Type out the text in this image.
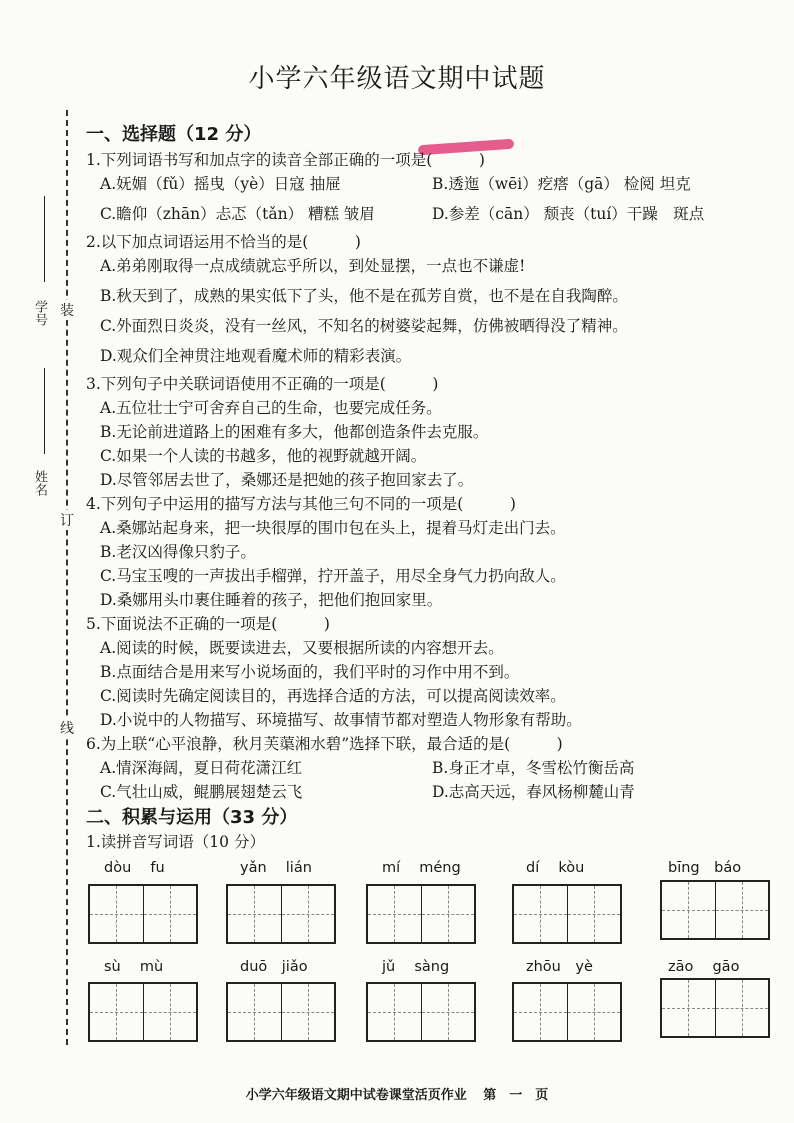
小学六年级语文期中试题
学号
姓名
装
订
线
一、选择题（12 分）
1.下列词语书写和加点字的读音全部正确的一项是(　　　)
A.妩媚（fǔ）摇曳（yè）日寇 抽屉	B.透迤（wēi）疙瘩（gā） 检阅 坦克
C.瞻仰（zhān）忐忑（tǎn） 糟糕 皱眉	D.参差（cān） 颓丧（tuí）干躁　斑点
2.以下加点词语运用不恰当的是(　　　)
A.弟弟刚取得一点成绩就忘乎所以，到处显摆，一点也不谦虚!
B.秋天到了，成熟的果实低下了头，他不是在孤芳自赏，也不是在自我陶醉。
C.外面烈日炎炎，没有一丝风，不知名的树婆娑起舞，仿佛被晒得没了精神。
D.观众们全神贯注地观看魔术师的精彩表演。
3.下列句子中关联词语使用不正确的一项是(　　　)
A.五位壮士宁可舍弃自己的生命，也要完成任务。
B.无论前进道路上的困难有多大，他都创造条件去克服。
C.如果一个人读的书越多，他的视野就越开阔。
D.尽管邻居去世了，桑娜还是把她的孩子抱回家去了。
4.下列句子中运用的描写方法与其他三句不同的一项是(　　　)
A.桑娜站起身来，把一块很厚的围巾包在头上，提着马灯走出门去。
B.老汉凶得像只豹子。
C.马宝玉嗖的一声拔出手榴弹，拧开盖子，用尽全身气力扔向敌人。
D.桑娜用头巾裹住睡着的孩子，把他们抱回家里。
5.下面说法不正确的一项是(　　　)
A.阅读的时候，既要读进去，又要根据所读的内容想开去。
B.点面结合是用来写小说场面的，我们平时的习作中用不到。
C.阅读时先确定阅读目的，再选择合适的方法，可以提高阅读效率。
D.小说中的人物描写、环境描写、故事情节都对塑造人物形象有帮助。
6.为上联“心平浪静，秋月芙蕖湘水碧”选择下联，最合适的是(　　　)
A.情深海阔，夏日荷花潇江红	B.身正才卓，冬雪松竹衡岳高
C.气壮山威，鲲鹏展翅楚云飞	D.志高天远，春风杨柳麓山青
二、积累与运用（33 分）
1.读拼音写词语（10 分）
dòu　 fu	yǎn　 lián	mí　 méng	dí　 kòu	bīng　báo
sù　 mù	duō　jiǎo	jǔ　 sàng	zhōu　yè	zāo　 gāo
小学六年级语文期中试卷课堂活页作业 第　一　页
